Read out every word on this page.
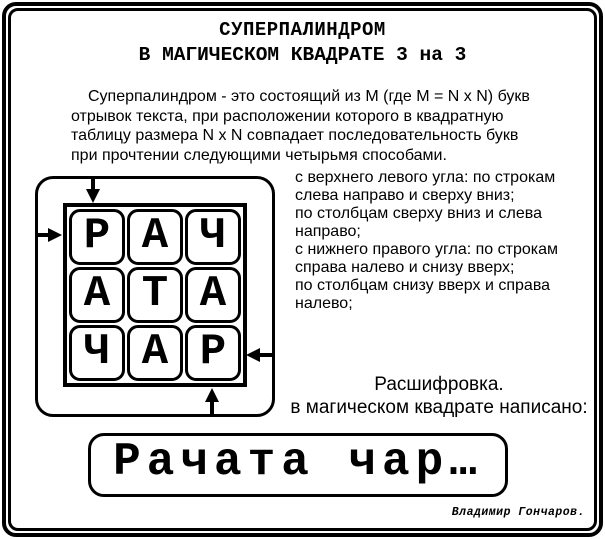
СУПЕРПАЛИНДРОМ
В МАГИЧЕСКОМ КВАДРАТЕ 3 на 3
Суперпалиндром - это состоящий из М (где М = N x N) букв
отрывок текста, при расположении которого в квадратную
таблицу размера N x N совпадает последовательность букв
при прочтении следующими четырьмя способами.
Р А Ч
А Т А
Ч А Р
с верхнего левого угла: по строкам
слева направо и сверху вниз;
по столбцам сверху вниз и слева
направо;
с нижнего правого угла: по строкам
справа налево и снизу вверх;
по столбцам снизу вверх и справа
налево;
Расшифровка.
в магическом квадрате написано:
Рачата чар…
Владимир Гончаров.
